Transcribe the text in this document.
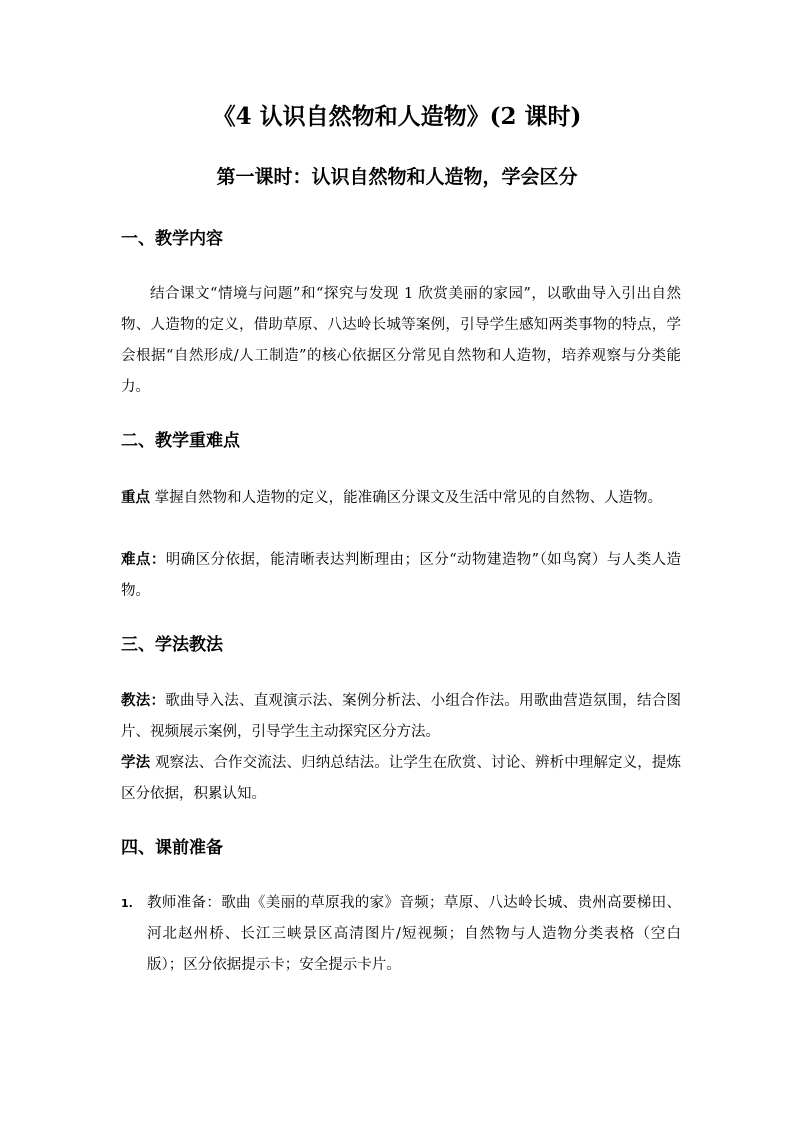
《4 认识自然物和人造物》(2 课时)
第一课时：认识自然物和人造物，学会区分
一、教学内容
结合课文“情境与问题”和“探究与发现 1 欣赏美丽的家园”，以歌曲导入引出自然物、人造物的定义，借助草原、八达岭长城等案例，引导学生感知两类事物的特点，学会根据“自然形成/人工制造”的核心依据区分常见自然物和人造物，培养观察与分类能力。
二、教学重难点
重点 掌握自然物和人造物的定义，能准确区分课文及生活中常见的自然物、人造物。
难点：明确区分依据，能清晰表达判断理由；区分“动物建造物”（如鸟窝）与人类人造物。
三、学法教法
教法：歌曲导入法、直观演示法、案例分析法、小组合作法。用歌曲营造氛围，结合图片、视频展示案例，引导学生主动探究区分方法。
学法 观察法、合作交流法、归纳总结法。让学生在欣赏、讨论、辨析中理解定义，提炼区分依据，积累认知。
四、课前准备
1. 教师准备：歌曲《美丽的草原我的家》音频；草原、八达岭长城、贵州高要梯田、河北赵州桥、长江三峡景区高清图片/短视频；自然物与人造物分类表格（空白版）；区分依据提示卡；安全提示卡片。
